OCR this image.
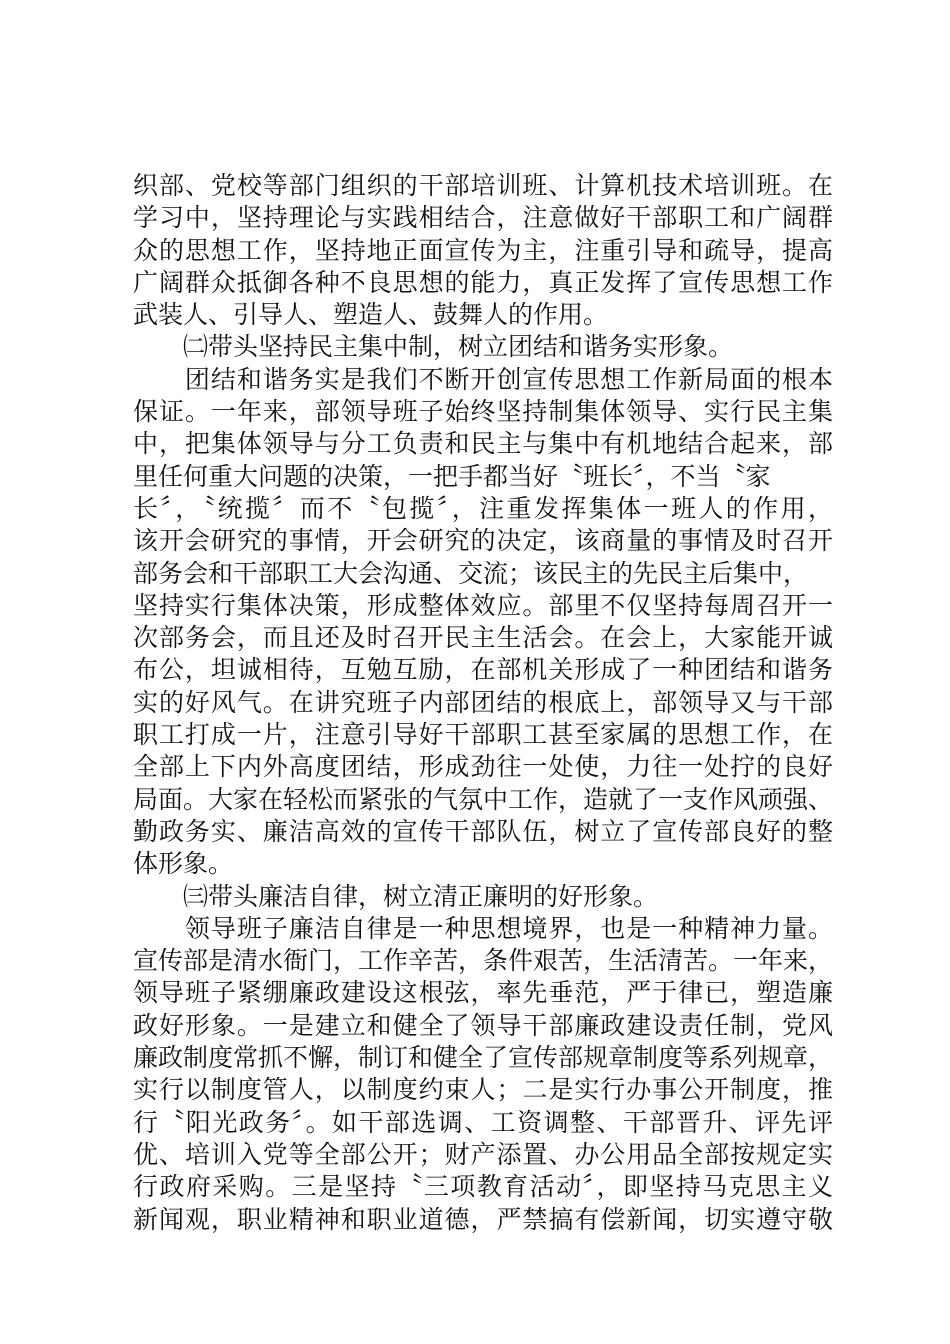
织部、党校等部门组织的干部培训班、计算机技术培训班。在
学习中，坚持理论与实践相结合，注意做好干部职工和广阔群
众的思想工作，坚持地正面宣传为主，注重引导和疏导，提高
广阔群众抵御各种不良思想的能力，真正发挥了宣传思想工作
武装人、引导人、塑造人、鼓舞人的作用。
　　㈡带头坚持民主集中制，树立团结和谐务实形象。
　　团结和谐务实是我们不断开创宣传思想工作新局面的根本
保证。一年来，部领导班子始终坚持制集体领导、实行民主集
中，把集体领导与分工负责和民主与集中有机地结合起来，部
里任何重大问题的决策，一把手都当好〝班长〞，不当〝家
长〞，〝统揽〞而不〝包揽〞，注重发挥集体一班人的作用，
该开会研究的事情，开会研究的决定，该商量的事情及时召开
部务会和干部职工大会沟通、交流；该民主的先民主后集中，
坚持实行集体决策，形成整体效应。部里不仅坚持每周召开一
次部务会，而且还及时召开民主生活会。在会上，大家能开诚
布公，坦诚相待，互勉互励，在部机关形成了一种团结和谐务
实的好风气。在讲究班子内部团结的根底上，部领导又与干部
职工打成一片，注意引导好干部职工甚至家属的思想工作，在
全部上下内外高度团结，形成劲往一处使，力往一处拧的良好
局面。大家在轻松而紧张的气氛中工作，造就了一支作风顽强、
勤政务实、廉洁高效的宣传干部队伍，树立了宣传部良好的整
体形象。
　　㈢带头廉洁自律，树立清正廉明的好形象。
　　领导班子廉洁自律是一种思想境界，也是一种精神力量。
宣传部是清水衙门，工作辛苦，条件艰苦，生活清苦。一年来，
领导班子紧绷廉政建设这根弦，率先垂范，严于律已，塑造廉
政好形象。一是建立和健全了领导干部廉政建设责任制，党风
廉政制度常抓不懈，制订和健全了宣传部规章制度等系列规章，
实行以制度管人，以制度约束人；二是实行办事公开制度，推
行〝阳光政务〞。如干部选调、工资调整、干部晋升、评先评
优、培训入党等全部公开；财产添置、办公用品全部按规定实
行政府采购。三是坚持〝三项教育活动〞，即坚持马克思主义
新闻观，职业精神和职业道德，严禁搞有偿新闻，切实遵守敬
